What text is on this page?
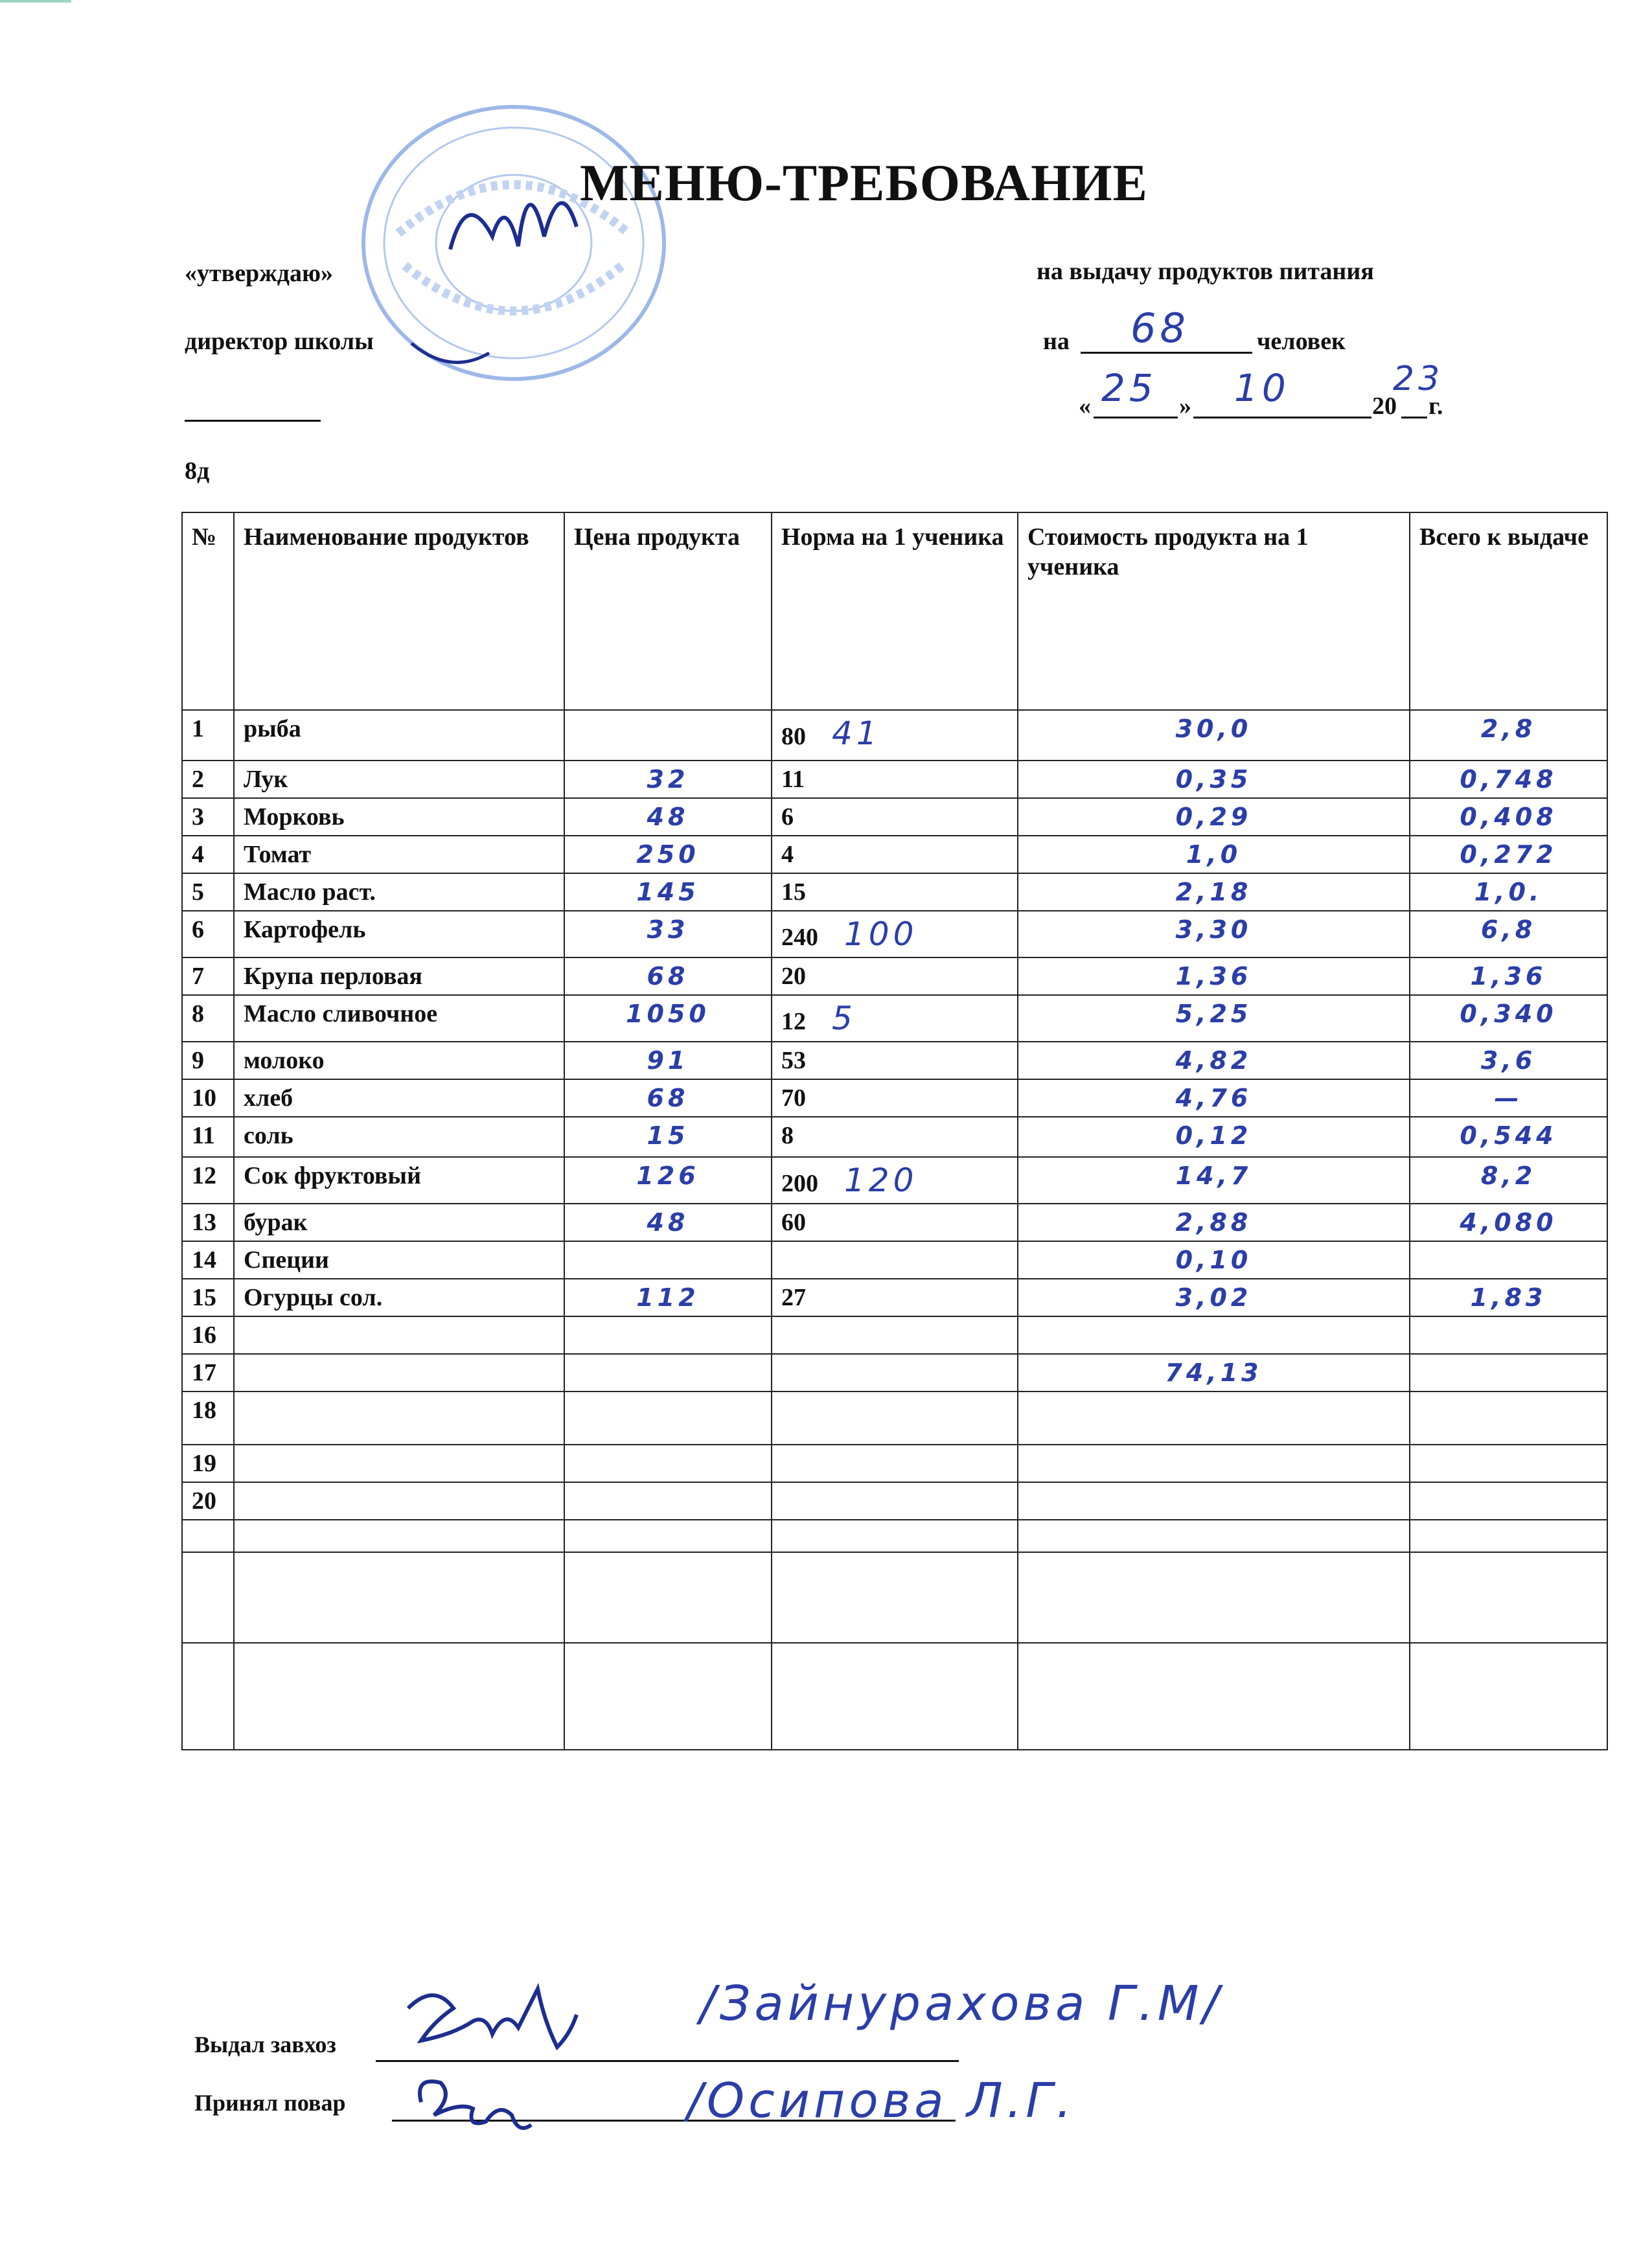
МЕНЮ-ТРЕБОВАНИЕ
«утверждаю»
директор школы
8д
на выдачу продуктов питания
на 68	человек
« 25 » 10	20
23
г.
№	Наименование продуктов	Цена продукта	Норма на 1 ученика	Стоимость продукта на 1 ученика	Всего к выдаче
1	рыба		80 41	30,0	2,8
2	Лук	32	11	0,35	0,748
3	Морковь	48	6	0,29	0,408
4	Томат	250	4	1,0	0,272
5	Масло раст.	145	15	2,18	1,0.
6	Картофель	33	240 100	3,30	6,8
7	Крупа перловая	68	20	1,36	1,36
8	Масло сливочное	1050	12 5	5,25	0,340
9	молоко	91	53	4,82	3,6
10	хлеб	68	70	4,76	—
11	соль	15	8	0,12	0,544
12	Сок фруктовый	126	200 120	14,7	8,2
13	бурак	48	60	2,88	4,080
14	Специи			0,10	
15	Огурцы сол.	112	27	3,02	1,83
16					
17				74,13	
18					
19					
20					

Выдал завхоз
/Зайнурахова Г.М/
Принял повар	/Осипова Л.Г.
